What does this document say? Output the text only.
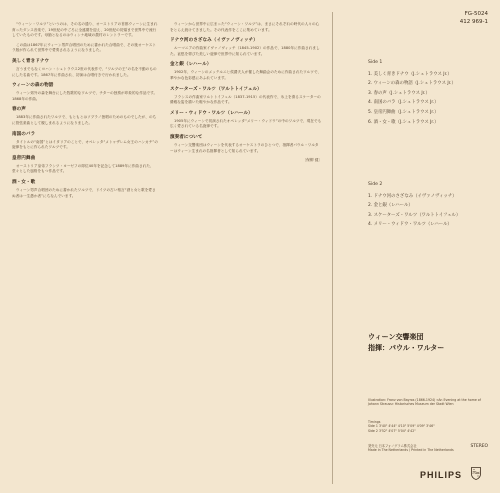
“ウィーン・ワルツ”というのは、その名の通り、オーストリアの首都ウィーンに生まれ育ったダンス音楽で、19世紀の中ごろに全盛期を迎え、20世紀の初頭まで世界中で流行していたものです。母胎となるのはウィンナ地域の農村のレントラーです。

この曲は1867年にウィーン男声合唱団のために書かれた合唱曲で、その後オーケストラ版が作られて世界中で愛奏されるようになりました。

美しく青きドナウ

言うまでもなくヨハン・シュトラウス2世の代表作で、“ワルツの王”の名を不動のものにした名曲です。1867年に作曲され、初演は合唱付きで行われました。

ウィーンの森の物語

ウィーン郊外の森を舞台にした牧歌的なワルツで、チターの独奏が印象的な作品です。1868年の作曲。

春の声

1883年に作曲されたワルツで、もともとはソプラノ独唱のためのものでしたが、のちに管弦楽曲として親しまれるようになりました。

南国のバラ

タイトルの“南国”とはイタリアのことで、オペレッタ“メトゥザレム女王のハンカチ”の旋律をもとに作られたワルツです。

皇帝円舞曲

オーストリア皇帝フランツ・ヨーゼフの即位40年を記念して1889年に作曲された、堂々とした風格をもつ作品です。

酒・女・歌

ウィーン男声合唱団のために書かれたワルツで、ドイツの古い格言“酒と女と歌を愛さぬ者は一生愚か者”にちなんでいます。

ウィーンから世界中に広まった“ウィーン・ワルツ”は、まさにそれぞれの時代の人々の心をとらえ続けてきました。その代表作をここに集めています。

ドナウ河のさざなみ（イヴァノヴィッチ）

ルーマニアの作曲家イヴァノヴィッチ（1845-1902）の作品で、1880年に作曲されました。哀愁を帯びた美しい旋律で世界中に知られています。

金と銀（レハール）

1902年、ウィーンのメッテルニヒ侯爵夫人が催した舞踏会のために作曲されたワルツで、華やかな色彩感にあふれています。

スケーターズ・ワルツ（ワルトトイフェル）

フランスの作曲家ワルトトイフェル（1837-1915）の代表作で、氷上を滑るスケーターの優雅な姿を描いた軽やかな作品です。

メリー・ウィドウ・ワルツ（レハール）

1905年にウィーンで初演されたオペレッタ“メリー・ウィドウ”の中のワルツで、現在でも広く愛されている名旋律です。

演奏者について

ウィーン交響楽団はウィーンを代表するオーケストラのひとつで、指揮者パウル・ワルターはウィーン生まれの名指揮者として知られています。

〔保柳 健〕
FG-5024
412 969-1
Side 1
1. 美しく青きドナウ（J.シュトラウス Jr.）
2. ウィーンの森の物語（J.シュトラウス Jr.）
3. 春の声（J.シュトラウス Jr.）
4. 南国のバラ（J.シュトラウス Jr.）
5. 皇帝円舞曲（J.シュトラウス Jr.）
6. 酒・女・歌（J.シュトラウス Jr.）
Side 2
1. ドナウ河のさざなみ（イヴァノヴィッチ）
2. 金と銀（レハール）
3. スケーターズ・ワルツ（ワルトトイフェル）
4. メリー・ウィドウ・ワルツ（レハール）
ウィーン交響楽団
指揮：パウル・ワルター
Illustration: Franz von Bayros (1866-1924) «An Evening at the home of Johann Strauss» Historisches Museum der Stadt Wien
Timings
Side 1 3'40" 4'44" 4'10" 5'09" 4'09" 3'46"
Side 2 3'52" 4'07" 5'04" 4'42"
発売元 日本フォノグラム株式会社
Made in The Netherlands / Printed in The Netherlands
STEREO
PHILIPS
